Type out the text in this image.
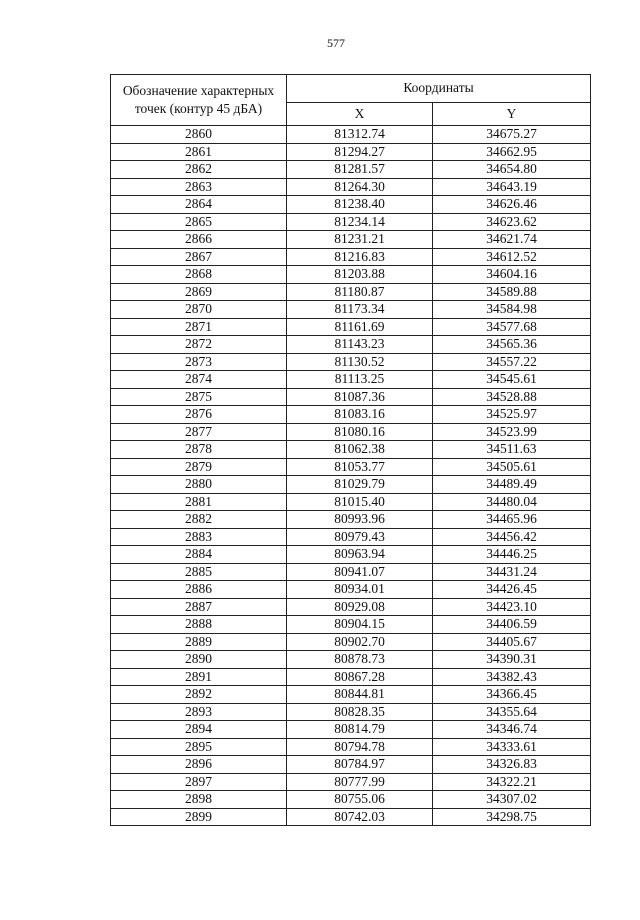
577
Обозначение характерных точек (контур 45 дБА)	Координаты	
	X	Y
2860	81312.74	34675.27
2861	81294.27	34662.95
2862	81281.57	34654.80
2863	81264.30	34643.19
2864	81238.40	34626.46
2865	81234.14	34623.62
2866	81231.21	34621.74
2867	81216.83	34612.52
2868	81203.88	34604.16
2869	81180.87	34589.88
2870	81173.34	34584.98
2871	81161.69	34577.68
2872	81143.23	34565.36
2873	81130.52	34557.22
2874	81113.25	34545.61
2875	81087.36	34528.88
2876	81083.16	34525.97
2877	81080.16	34523.99
2878	81062.38	34511.63
2879	81053.77	34505.61
2880	81029.79	34489.49
2881	81015.40	34480.04
2882	80993.96	34465.96
2883	80979.43	34456.42
2884	80963.94	34446.25
2885	80941.07	34431.24
2886	80934.01	34426.45
2887	80929.08	34423.10
2888	80904.15	34406.59
2889	80902.70	34405.67
2890	80878.73	34390.31
2891	80867.28	34382.43
2892	80844.81	34366.45
2893	80828.35	34355.64
2894	80814.79	34346.74
2895	80794.78	34333.61
2896	80784.97	34326.83
2897	80777.99	34322.21
2898	80755.06	34307.02
2899	80742.03	34298.75
